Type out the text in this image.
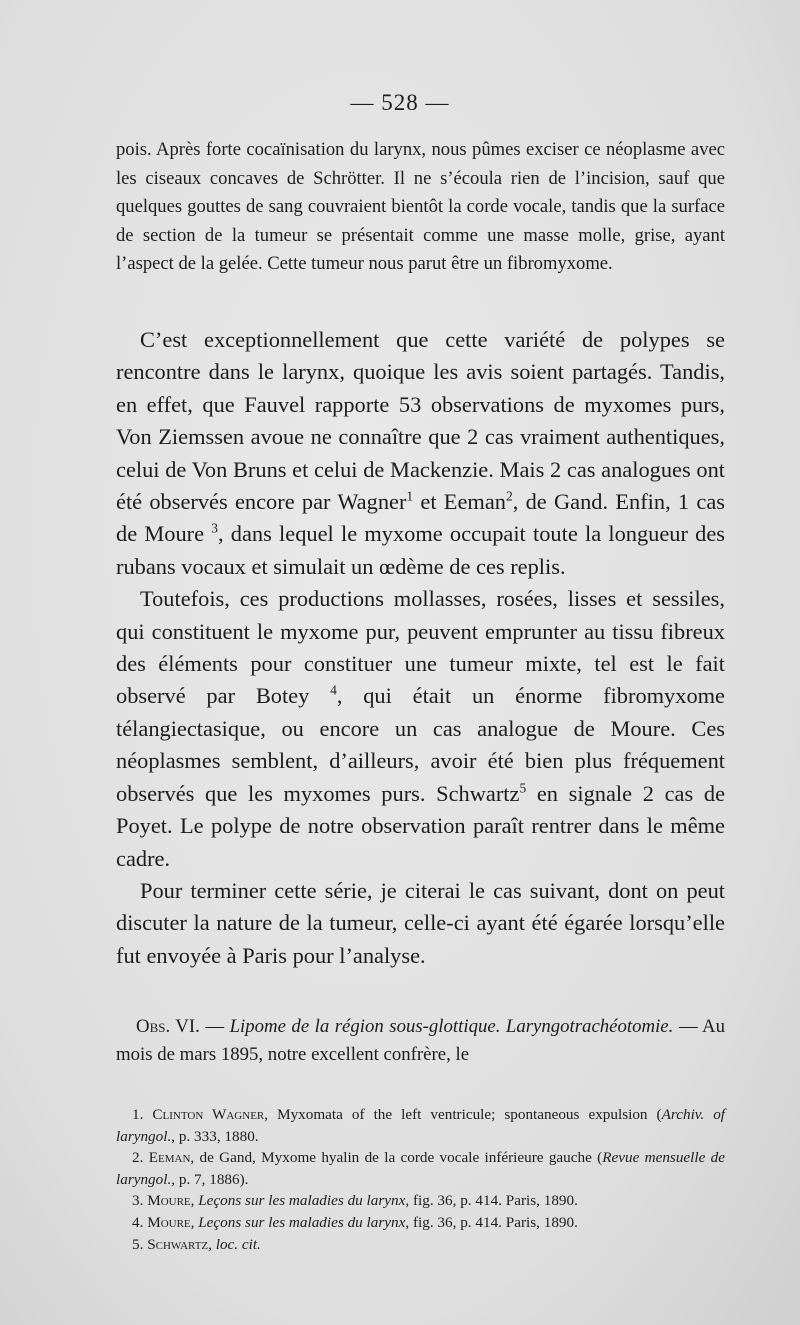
— 528 —

pois. Après forte cocaïnisation du larynx, nous pûmes exciser ce néoplasme avec les ciseaux concaves de Schrötter. Il ne s’écoula rien de l’incision, sauf que quelques gouttes de sang couvraient bientôt la corde vocale, tandis que la surface de section de la tumeur se présentait comme une masse molle, grise, ayant l’aspect de la gelée. Cette tumeur nous parut être un fibromyxome.

C’est exceptionnellement que cette variété de polypes se rencontre dans le larynx, quoique les avis soient partagés. Tandis, en effet, que Fauvel rapporte 53 observations de myxomes purs, Von Ziemssen avoue ne connaître que 2 cas vraiment authentiques, celui de Von Bruns et celui de Mackenzie. Mais 2 cas analogues ont été observés encore par Wagner$^1$ et Eeman$^2$, de Gand. Enfin, 1 cas de Moure $^3$, dans lequel le myxome occupait toute la longueur des rubans vocaux et simulait un œdème de ces replis.

Toutefois, ces productions mollasses, rosées, lisses et sessiles, qui constituent le myxome pur, peuvent emprunter au tissu fibreux des éléments pour constituer une tumeur mixte, tel est le fait observé par Botey $^4$, qui était un énorme fibromyxome télangiectasique, ou encore un cas analogue de Moure. Ces néoplasmes semblent, d’ailleurs, avoir été bien plus fréquement observés que les myxomes purs. Schwartz$^5$ en signale 2 cas de Poyet. Le polype de notre observation paraît rentrer dans le même cadre.

Pour terminer cette série, je citerai le cas suivant, dont on peut discuter la nature de la tumeur, celle-ci ayant été égarée lorsqu’elle fut envoyée à Paris pour l’analyse.

Obs. VI. — Lipome de la région sous-glottique. Laryngotrachéotomie. — Au mois de mars 1895, notre excellent confrère, le

1. Clinton Wagner, Myxomata of the left ventricule; spontaneous expulsion (Archiv. of laryngol., p. 333, 1880.
2. Eeman, de Gand, Myxome hyalin de la corde vocale inférieure gauche (Revue mensuelle de laryngol., p. 7, 1886).
3. Moure, Leçons sur les maladies du larynx, fig. 36, p. 414. Paris, 1890.
4. Moure, Leçons sur les maladies du larynx, fig. 36, p. 414. Paris, 1890.
5. Schwartz, loc. cit.
